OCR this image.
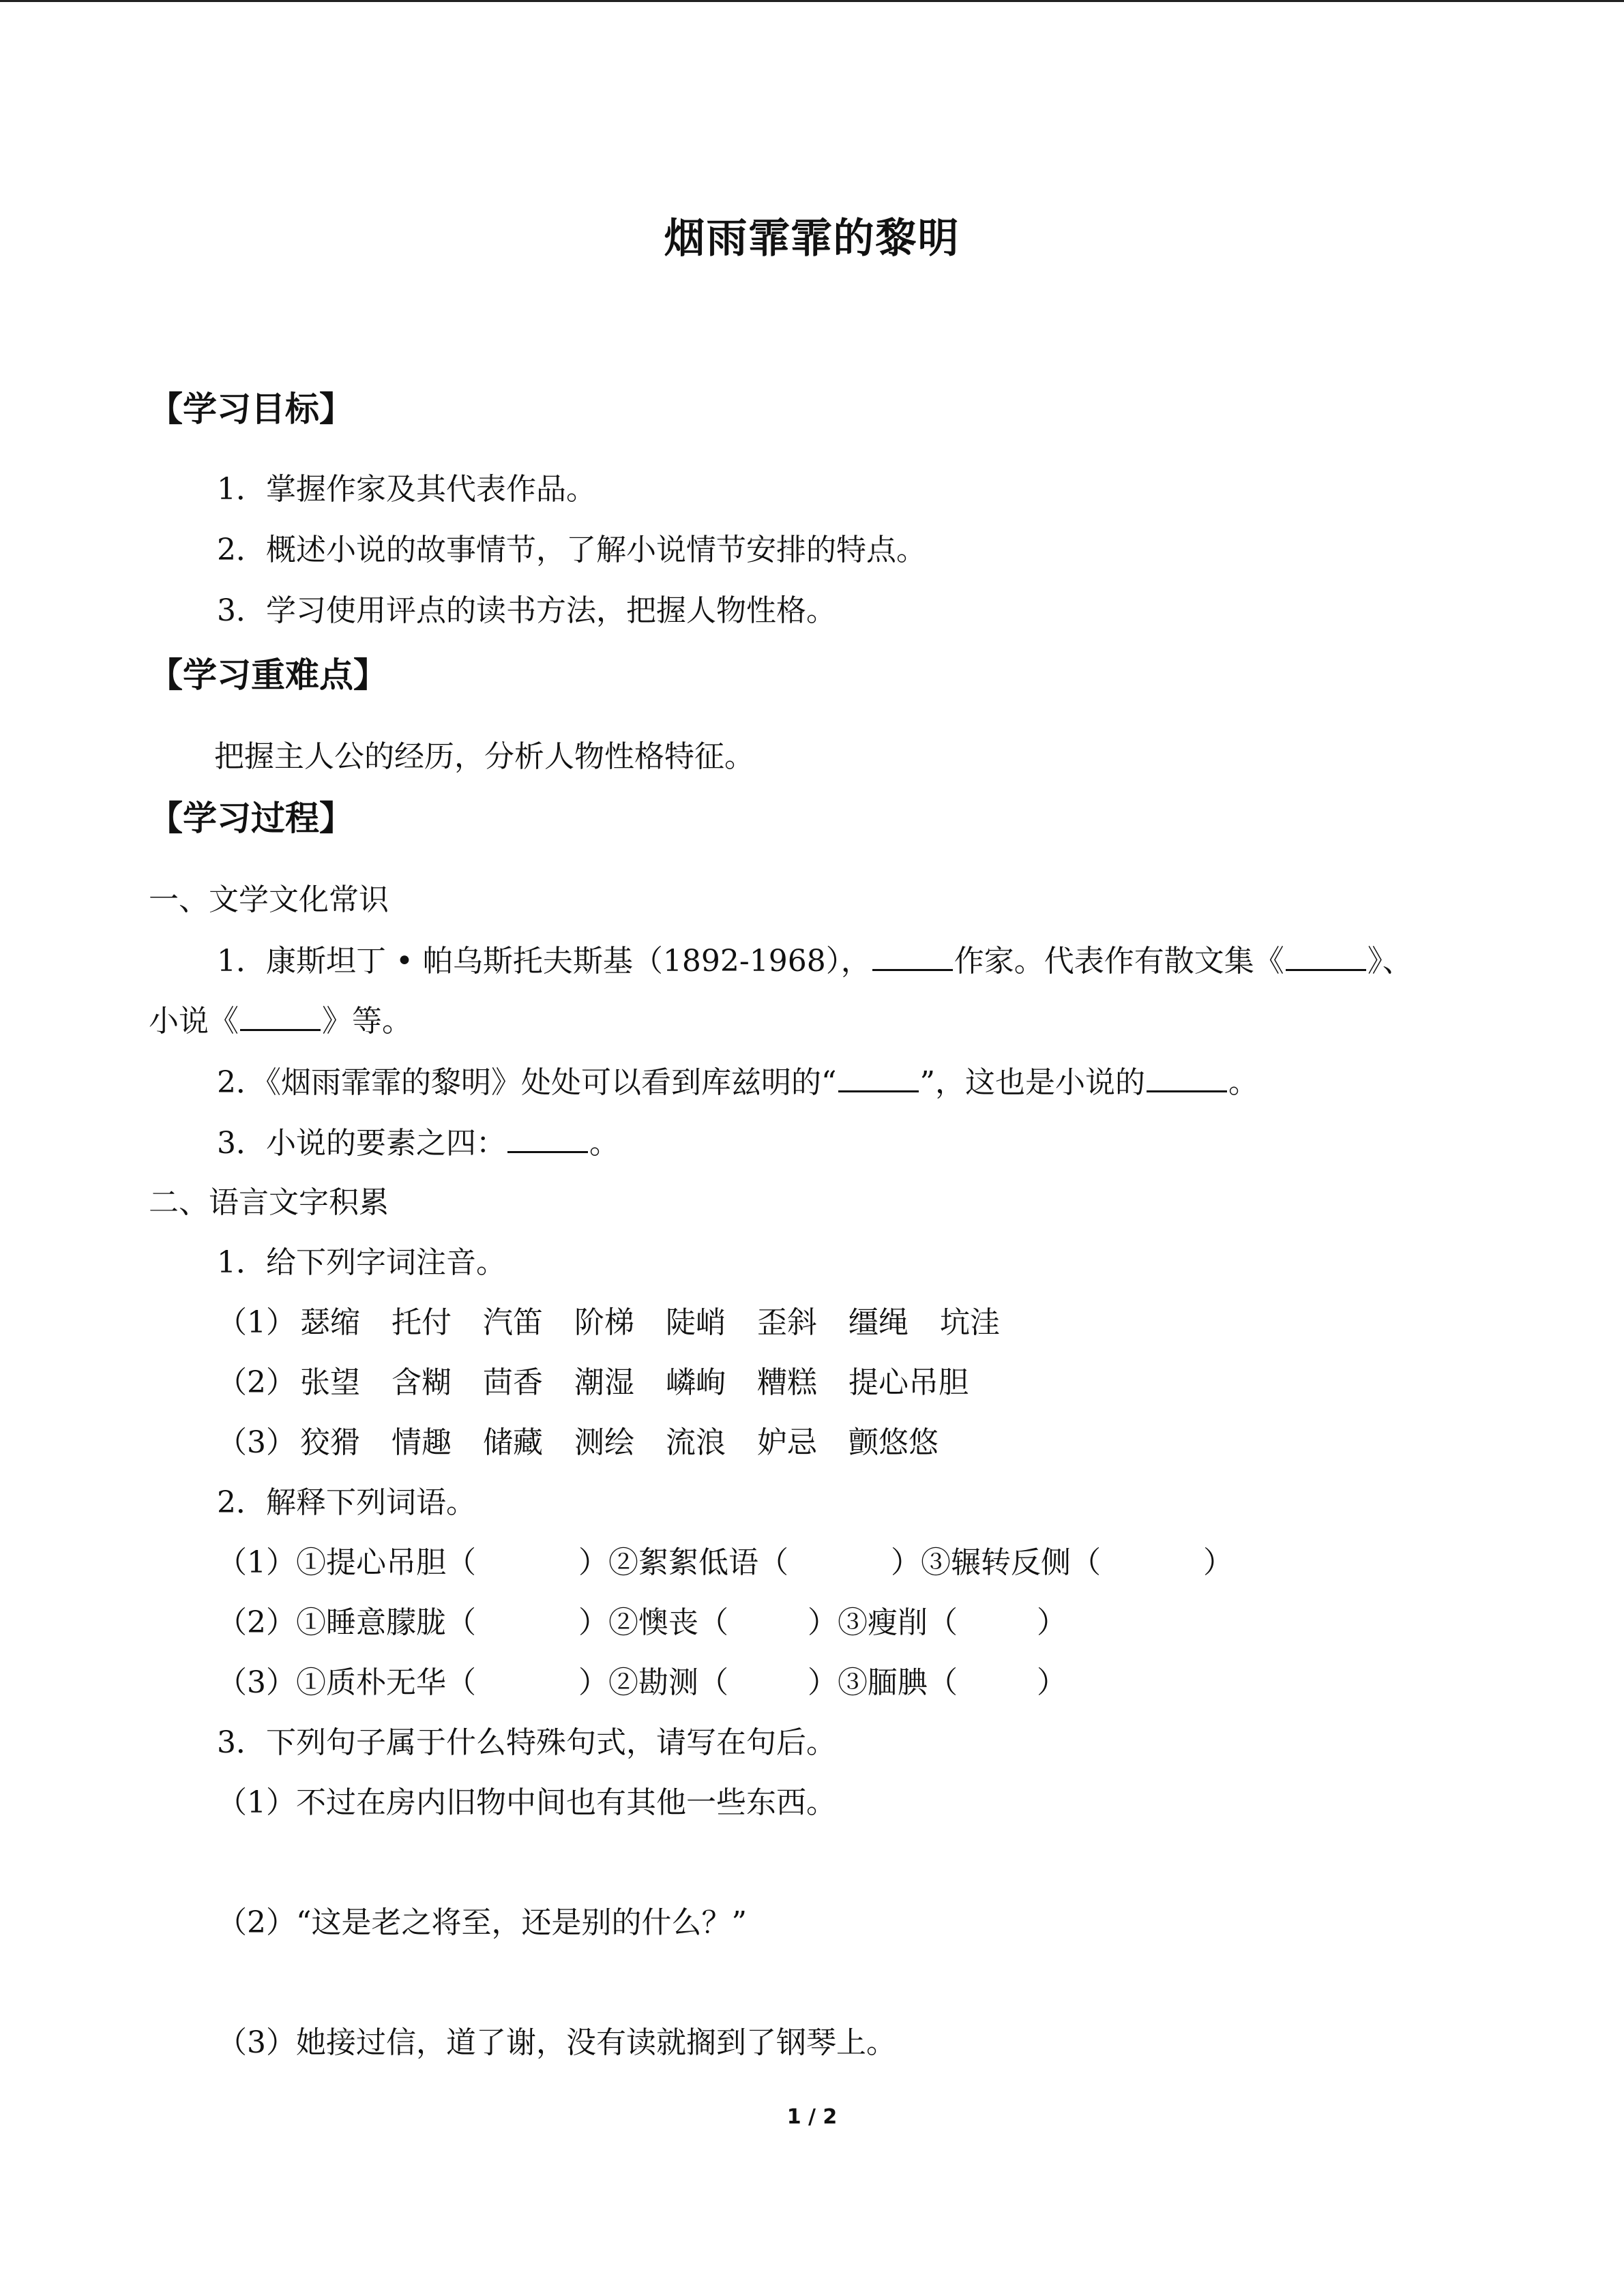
烟雨霏霏的黎明
【学习目标】
1．掌握作家及其代表作品。
2．概述小说的故事情节，了解小说情节安排的特点。
3．学习使用评点的读书方法，把握人物性格。
【学习重难点】
把握主人公的经历，分析人物性格特征。
【学习过程】
一、文学文化常识
1．康斯坦丁 • 帕乌斯托夫斯基（1892-1968），	作家。代表作有散文集《	》、
小说《	》等。
2．《烟雨霏霏的黎明》处处可以看到库兹明的“	”，这也是小说的	。
3．小说的要素之四：	。
二、语言文字积累
1．给下列字词注音。
（1） 瑟缩 托付 汽笛 阶梯 陡峭 歪斜 缰绳 坑洼
（2） 张望 含糊 茴香 潮湿 嶙峋 糟糕 提心吊胆
（3） 狡猾 情趣 储藏 测绘 流浪 妒忌 颤悠悠
2．解释下列词语。
（1）①提心吊胆（	）②絮絮低语（	）③辗转反侧（	）
（2）①睡意朦胧（	）②懊丧（	）③瘦削（	）
（3）①质朴无华（	）②勘测（	）③腼腆（	）
3．下列句子属于什么特殊句式，请写在句后。
（1）不过在房内旧物中间也有其他一些东西。
（2）“这是老之将至，还是别的什么？”
（3）她接过信，道了谢，没有读就搁到了钢琴上。
1 / 2
